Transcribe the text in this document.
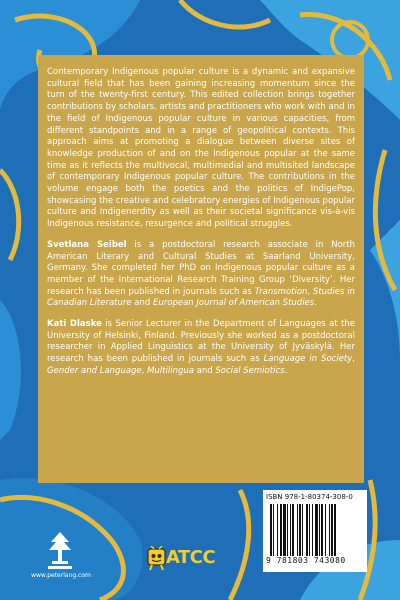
Contemporary Indigenous popular culture is a dynamic and expansive cultural field that has been gaining increasing momentum since the turn of the twenty-first century. This edited collection brings together contributions by scholars, artists and practitioners who work with and in the field of Indigenous popular culture in various capacities, from different standpoints and in a range of geopolitical contexts. This approach aims at promoting a dialogue between diverse sites of knowledge production of and on the Indigenous popular at the same time as it reflects the multivocal, multimedial and multisited landscape of contemporary Indigenous popular culture. The contributions in the volume engage both the poetics and the politics of IndigePop, showcasing the creative and celebratory energies of Indigenous popular culture and Indigenerdity as well as their societal significance vis-à-vis Indigenous resistance, resurgence and political struggles.

Svetlana Seibel is a postdoctoral research associate in North American Literary and Cultural Studies at Saarland University, Germany. She completed her PhD on Indigenous popular culture as a member of the International Research Training Group ‘Diversity’. Her research has been published in journals such as Transmotion, Studies in Canadian Literature and European Journal of American Studies.

Kati Dlaske is Senior Lecturer in the Department of Languages at the University of Helsinki, Finland. Previously she worked as a postdoctoral researcher in Applied Linguistics at the University of Jyväskylä. Her research has been published in journals such as Language in Society, Gender and Language, Multilingua and Social Semiotics.

ISBN 978-1-80374-308-0
9 781803 743080
www.peterlang.com
ATCC
